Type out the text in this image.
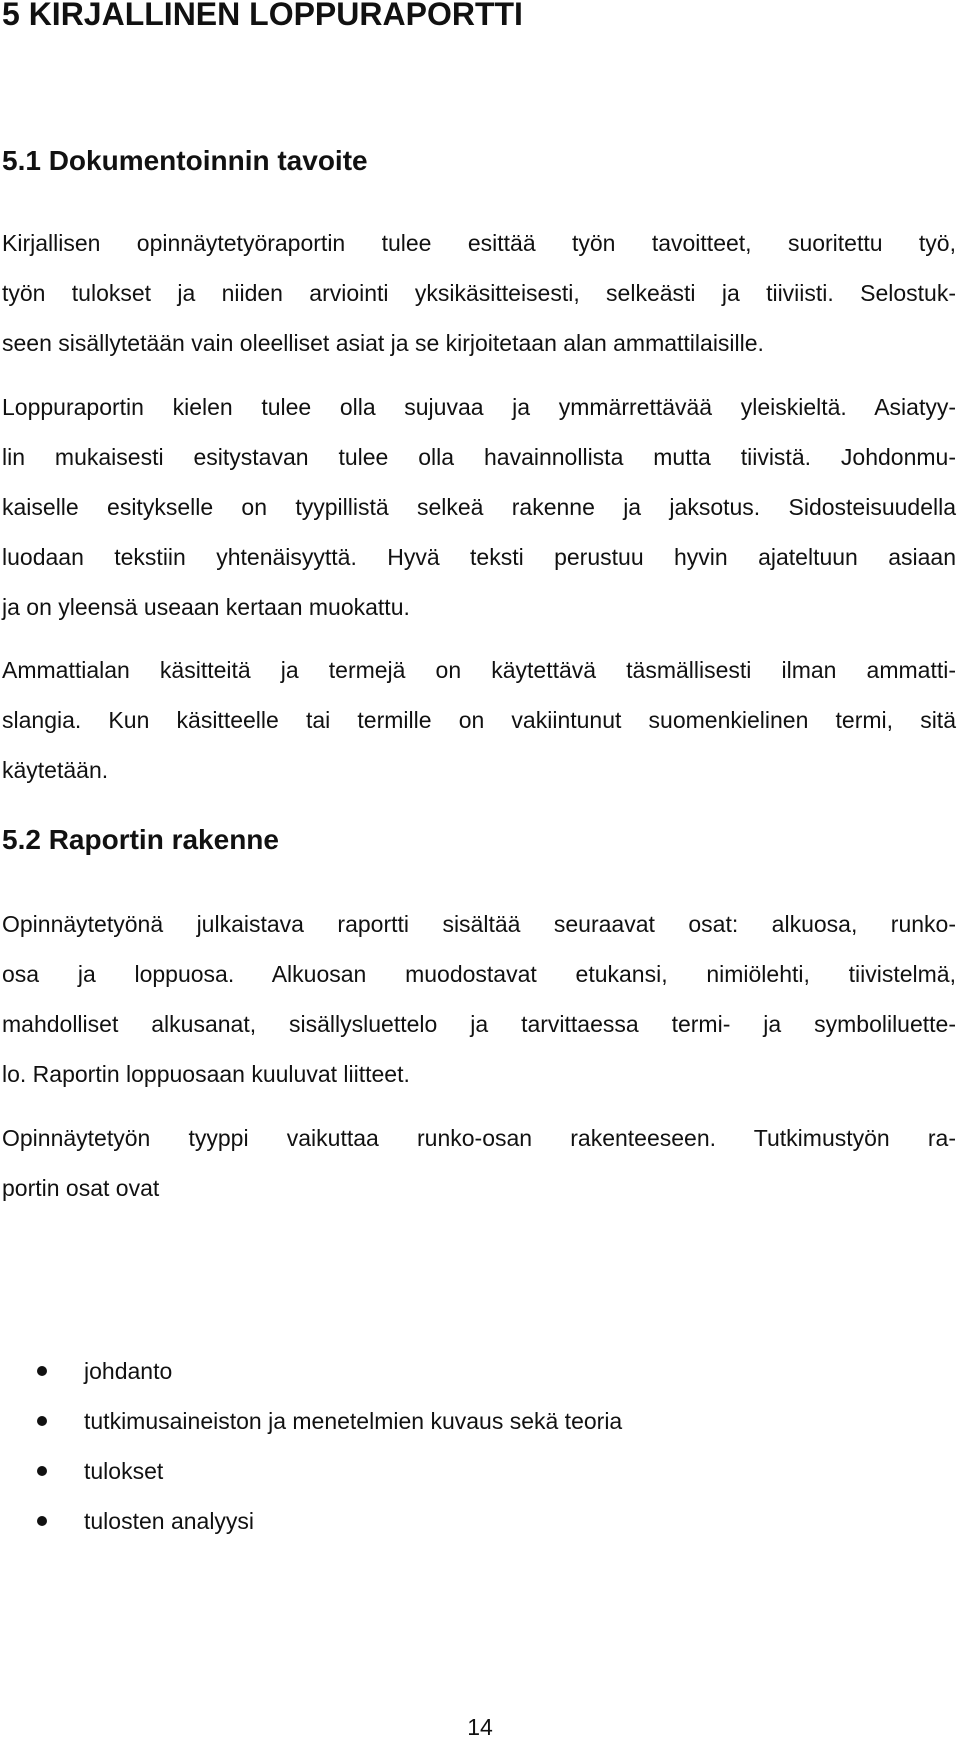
5 KIRJALLINEN LOPPURAPORTTI
5.1 Dokumentoinnin tavoite

Kirjallisen opinnäytetyöraportin tulee esittää työn tavoitteet, suoritettu työ,
työn tulokset ja niiden arviointi yksikäsitteisesti, selkeästi ja tiiviisti. Selostuk-
seen sisällytetään vain oleelliset asiat ja se kirjoitetaan alan ammattilaisille.

Loppuraportin kielen tulee olla sujuvaa ja ymmärrettävää yleiskieltä. Asiatyy-
lin mukaisesti esitystavan tulee olla havainnollista mutta tiivistä. Johdonmu-
kaiselle esitykselle on tyypillistä selkeä rakenne ja jaksotus. Sidosteisuudella
luodaan tekstiin yhtenäisyyttä. Hyvä teksti perustuu hyvin ajateltuun asiaan
ja on yleensä useaan kertaan muokattu.

Ammattialan käsitteitä ja termejä on käytettävä täsmällisesti ilman ammatti-
slangia. Kun käsitteelle tai termille on vakiintunut suomenkielinen termi, sitä
käytetään.

5.2 Raportin rakenne

Opinnäytetyönä julkaistava raportti sisältää seuraavat osat: alkuosa, runko-
osa ja loppuosa. Alkuosan muodostavat etukansi, nimiölehti, tiivistelmä,
mahdolliset alkusanat, sisällysluettelo ja tarvittaessa termi- ja symboliluette-
lo. Raportin loppuosaan kuuluvat liitteet.

Opinnäytetyön tyyppi vaikuttaa runko-osan rakenteeseen. Tutkimustyön ra-
portin osat ovat

johdanto
tutkimusaineiston ja menetelmien kuvaus sekä teoria
tulokset
tulosten analyysi
14
